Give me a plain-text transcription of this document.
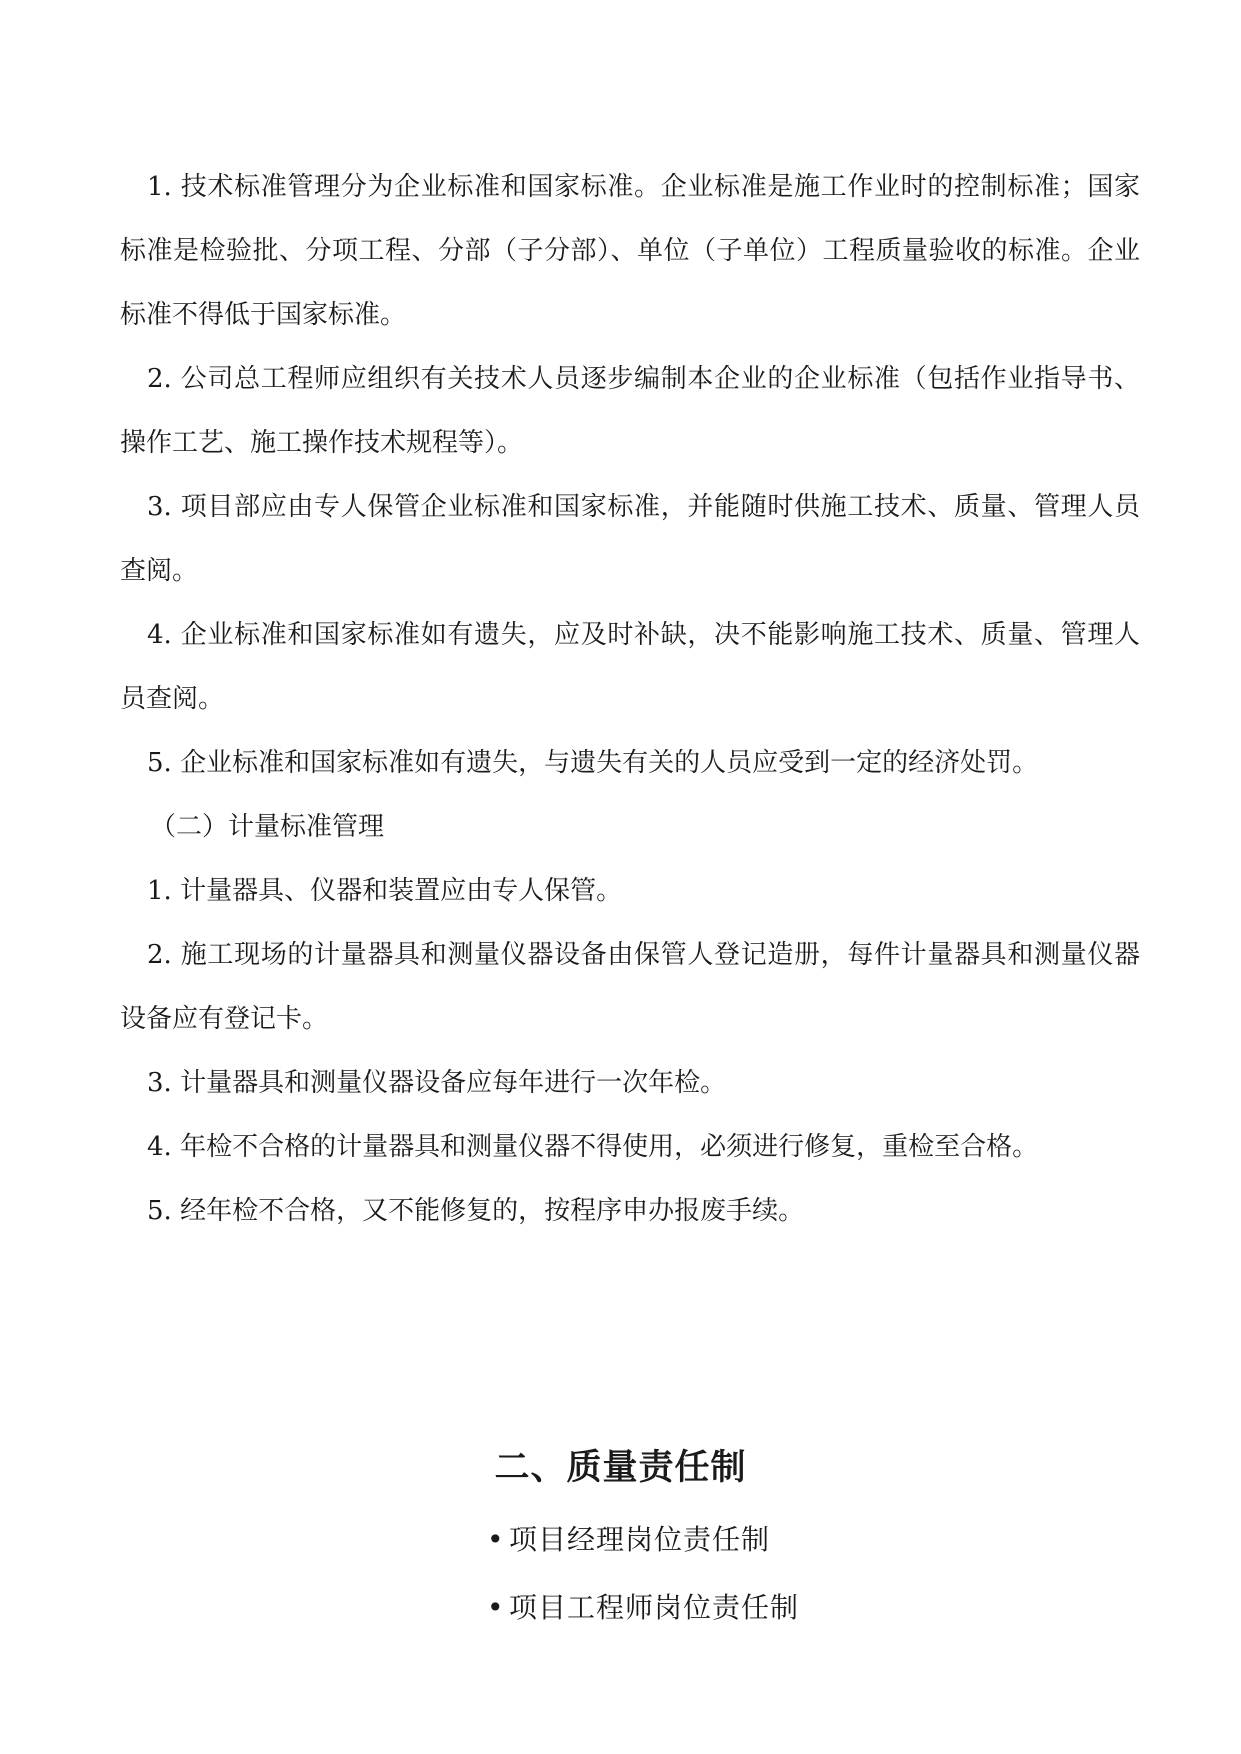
1. 技术标准管理分为企业标准和国家标准。企业标准是施工作业时的控制标准；国家标准是检验批、分项工程、分部（子分部）、单位（子单位）工程质量验收的标准。企业标准不得低于国家标准。

2. 公司总工程师应组织有关技术人员逐步编制本企业的企业标准（包括作业指导书、操作工艺、施工操作技术规程等）。

3. 项目部应由专人保管企业标准和国家标准，并能随时供施工技术、质量、管理人员查阅。

4. 企业标准和国家标准如有遗失，应及时补缺，决不能影响施工技术、质量、管理人员查阅。

5. 企业标准和国家标准如有遗失，与遗失有关的人员应受到一定的经济处罚。

（二）计量标准管理

1. 计量器具、仪器和装置应由专人保管。

2. 施工现场的计量器具和测量仪器设备由保管人登记造册，每件计量器具和测量仪器设备应有登记卡。

3. 计量器具和测量仪器设备应每年进行一次年检。

4. 年检不合格的计量器具和测量仪器不得使用，必须进行修复，重检至合格。

5. 经年检不合格，又不能修复的，按程序申办报废手续。

二、质量责任制

• 项目经理岗位责任制

• 项目工程师岗位责任制
